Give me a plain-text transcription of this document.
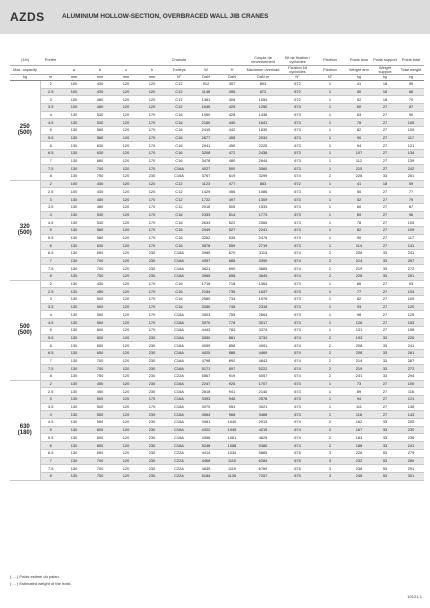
AZDS	ALUMINIUM HOLLOW-SECTION, OVERBRACED WALL JIB CRANES
(1/b)	Portée					Chariote			Couple de renversement	Kit de fixation / cycloïdes	Fixation	Poids tous	Poids support	Poids total
Max. capacity		a	b	c	h	Trolleys	W	H	Maximum overload	Fixation kit cycloïdes	Fixation	Weight arm	Weight support	Total weight
kg	m	mm	mm	mm	mm	N°	DaN	DaN	DaN.m	N°	N°	kg	kg	kg

250
(500)	2	100	430	120	120	C12	912	397	893	672	1	41	18	59
	2.5	100	430	120	120	C12	1148	406	872	672	1	50	18	68
	3	100	480	120	120	C12	1381	406	1054	672	1	52	18	70
	3.5	100	480	120	120	C12	1645	425	1250	673	1	60	27	87
	4	130	530	120	170	C16	1950	428	1436	673	1	63	27	90
	4.5	130	530	120	170	C16	2160	440	1641	673	1	78	27	105
	5	130	580	120	170	C16	2415	442	1830	673	1	82	27	109
	5.5	130	580	120	170	C16	2677	455	2034	673	1	90	27	117
	6	130	630	120	170	C16	2941	450	2225	673	1	94	27	121
	6.5	130	630	120	170	C16	3208	472	2438	673	1	107	27	134
	7	130	680	120	170	C16	3478	480	2644	673	1	112	27	139
	7.5	130	700	120	170	C16A	4027	500	3060	673	1	215	27	242
	8	130	750	120	230	C16A	3767	619	3299	674	2	228	33	261

320
(500)	2	100	430	120	120	C12	1123	477	853	672	1	41	18	59
	2.5	100	430	120	120	C12	1429	456	1086	673	1	50	27	77
	3	130	480	120	170	C12	1722	497	1309	673	1	52	27	79
	3.5	130	480	120	170	C12	2018	505	1533	673	1	60	27	87
	4	130	530	120	170	C16	2333	514	1773	673	1	69	27	96
	4.5	130	530	120	170	C16	2633	522	2065	673	1	78	27	105
	5	130	580	120	170	C16	2949	527	2241	673	1	82	27	109
	5.5	130	580	120	170	C16	3262	535	2479	673	1	90	27	117
	6	130	630	120	170	C16	3578	559	2719	673	1	114	27	141
	6.5	130	650	120	230	C16A	3985	670	3113	674	2	208	33	241
	7	130	700	120	230	C16A	4357	685	3390	674	2	214	33	257
	7.5	130	700	120	230	C16A	3621	690	3665	674	2	219	33	272
	8	130	750	120	230	C16A	3965	698	3644	674	2	228	33	261

500
(500)	2	130	430	120	170	C16	1718	718	1364	673	1	66	27	93
	2.5	130	450	120	170	C16	2154	735	1637	673	1	77	27	104
	3	130	500	120	170	C16	2580	734	1976	673	1	82	27	109
	3.5	130	500	120	170	C16	3050	745	2318	673	1	93	27	120
	4	130	550	120	170	C16A	3503	755	2664	673	1	98	27	125
	4.5	130	550	120	170	C16A	3970	778	3017	673	1	126	27	153
	5	130	600	120	170	C16A	4443	783	3374	673	1	131	27	158
	5.5	130	600	120	230	C16A	3050	881	3734	674	2	193	33	226
	6	130	650	120	230	C16A	4059	858	4091	674	2	208	33	241
	6.5	130	650	120	230	C16A	4425	886	4469	674	2	208	33	261
	7	130	700	120	230	C16A	4798	892	4843	674	2	214	33	287
	7.5	130	700	120	230	C16A	5171	897	5222	674	2	219	33	272
	8	130	750	120	230	C22A	5567	919	5057	674	2	241	33	294

630
(180)	2	130	450	120	230	C16A	2247	925	1707	673	1	73	27	100
	2.5	130	450	120	230	C16A	2818	941	2140	673	1	89	27	116
	3	130	500	120	170	C16A	3393	946	2578	673	1	94	27	121
	3.5	130	500	120	170	C16A	3975	953	3021	673	1	111	27	138
	4	130	550	120	230	C16A	4564	968	3468	673	1	116	27	143
	4.5	130	550	120	230	C16A	3081	1040	2913	674	2	162	33	205
	5	130	600	120	230	C16A	4322	1045	4215	674	2	167	33	230
	5.5	130	600	120	230	C16A	4356	1061	4625	674	2	183	33	236
	6	130	650	120	230	C16A	5248	1068	5380	674	2	188	33	241
	6.5	130	650	120	230	C22A	4414	1034	5865	675	3	226	53	279
	7	130	700	120	230	C22A	4468	1110	6284	675	3	232	53	285
	7.5	130	700	120	230	C22A	4635	1119	6769	675	3	238	53	291
	8	130	750	120	230	C22A	5184	1126	7257	675	3	248	53	301
( ... ) Poids estimé du palan.
( ... ) Estimated weight of the hoist.
10121-1
